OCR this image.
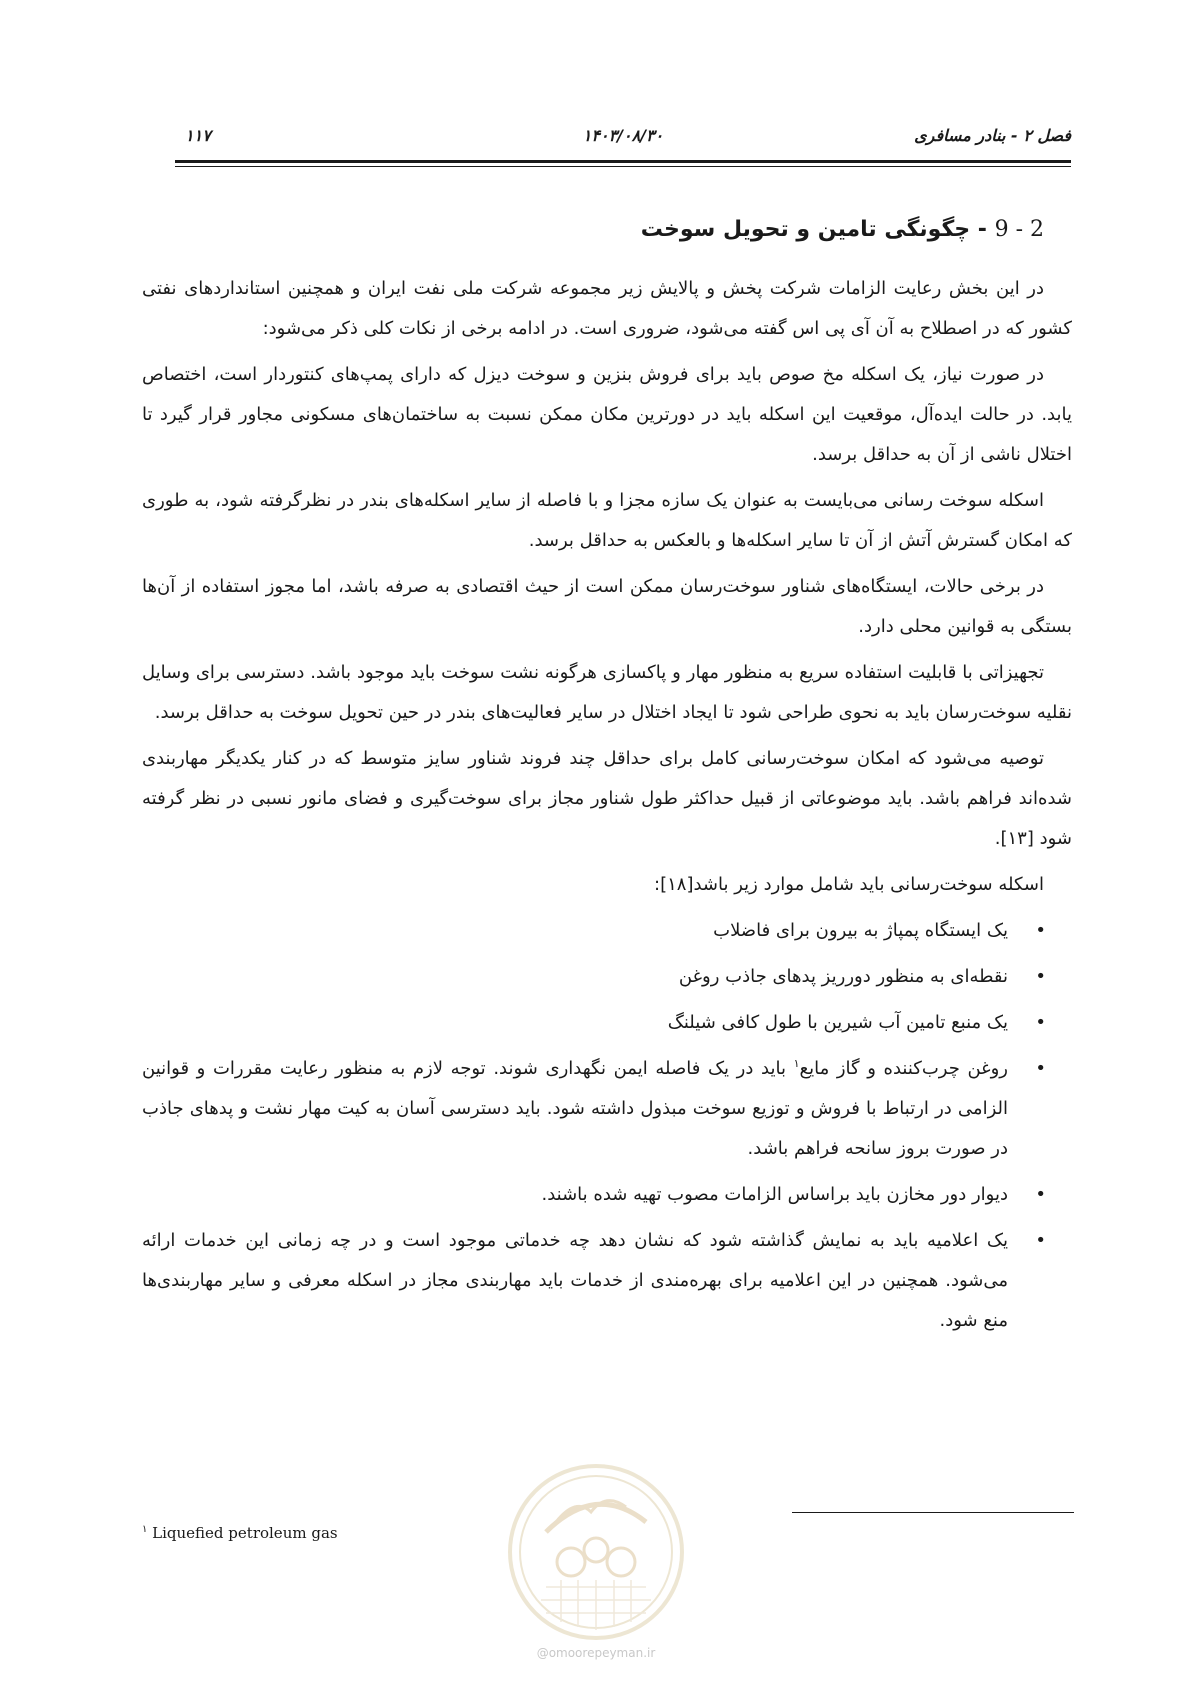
فصل ۲ - بنادر مسافری
۱۴۰۳/۰۸/۳۰
۱۱۷
2 - 9 - چگونگی تامین و تحویل سوخت

در این بخش رعایت الزامات شرکت پخش و پالایش زیر مجموعه شرکت ملی نفت ایران و همچنین استانداردهای نفتی کشور که در اصطلاح به آن آی پی اس گفته می‌شود، ضروری است. در ادامه برخی از نکات کلی ذکر می‌شود:

در صورت نیاز، یک اسکله مخ صوص باید برای فروش بنزین و سوخت دیزل که دارای پمپ‌های کنتوردار است، اختصاص یابد. در حالت ایده‌آل، موقعیت این اسکله باید در دورترین مکان ممکن نسبت به ساختمان‌های مسکونی مجاور قرار گیرد تا اختلال ناشی از آن به حداقل برسد.

اسکله سوخت رسانی می‌بایست به عنوان یک سازه مجزا و با فاصله از سایر اسکله‌های بندر در نظرگرفته شود، به طوری که امکان گسترش آتش از آن تا سایر اسکله‌ها و بالعکس به حداقل برسد.

در برخی حالات، ایستگاه‌های شناور سوخت‌رسان ممکن است از حیث اقتصادی به صرفه باشد، اما مجوز استفاده از آن‌ها بستگی به قوانین محلی دارد.

تجهیزاتی با قابلیت استفاده سریع به منظور مهار و پاکسازی هرگونه نشت سوخت باید موجود باشد. دسترسی برای وسایل نقلیه سوخت‌رسان باید به نحوی طراحی شود تا ایجاد اختلال در سایر فعالیت‌های بندر در حین تحویل سوخت به حداقل برسد.

توصیه می‌شود که امکان سوخت‌رسانی کامل برای حداقل چند فروند شناور سایز متوسط که در کنار یکدیگر مهاربندی شده‌اند فراهم باشد. باید موضوعاتی از قبیل حداکثر طول شناور مجاز برای سوخت‌گیری و فضای مانور نسبی در نظر گرفته شود [۱۳].

اسکله سوخت‌رسانی باید شامل موارد زیر باشد[۱۸]:

•
یک ایستگاه پمپاژ به بیرون برای فاضلاب
•
نقطه‌ای به منظور دورریز پدهای جاذب روغن
•
یک منبع تامین آب شیرین با طول کافی شیلنگ
•
روغن چرب‌کننده و گاز مایع$^۱$ باید در یک فاصله ایمن نگهداری شوند. توجه لازم به منظور رعایت مقررات و قوانین الزامی در ارتباط با فروش و توزیع سوخت مبذول داشته شود. باید دسترسی آسان به کیت مهار نشت و پدهای جاذب در صورت بروز سانحه فراهم باشد.
•
دیوار دور مخازن باید براساس الزامات مصوب تهیه شده باشند.
•
یک اعلامیه باید به نمایش گذاشته شود که نشان دهد چه خدماتی موجود است و در چه زمانی این خدمات ارائه می‌شود. همچنین در این اعلامیه برای بهره‌مندی از خدمات باید مهاربندی مجاز در اسکله معرفی و سایر مهاربندی‌ها منع شود.
$^۱$ Liquefied petroleum gas
@omoorepeyman.ir
